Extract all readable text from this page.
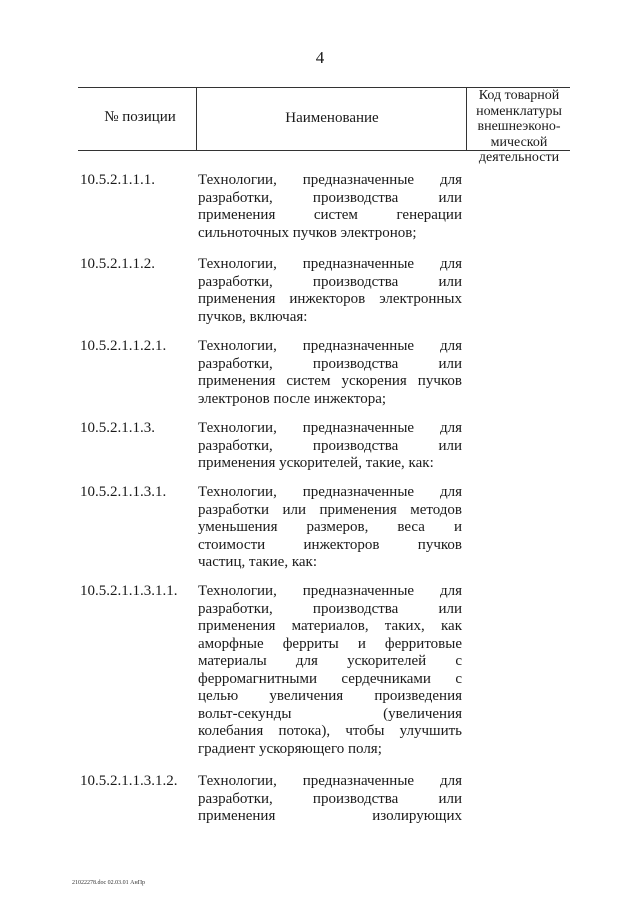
4
№ позиции	Наименование
Код товарной
номенклатуры
внешнеэконо-
мической
деятельности
10.5.2.1.1.1.	Технологии, предназначенные для
разработки, производства или
применения систем генерации
сильноточных пучков электронов;
10.5.2.1.1.2.	Технологии, предназначенные для
разработки, производства или
применения инжекторов электронных
пучков, включая:
10.5.2.1.1.2.1. Технологии, предназначенные для
разработки, производства или
применения систем ускорения пучков
электронов после инжектора;
10.5.2.1.1.3.	Технологии, предназначенные для
разработки, производства или
применения ускорителей, такие, как:
10.5.2.1.1.3.1. Технологии, предназначенные для
разработки или применения методов
уменьшения размеров, веса и
стоимости инжекторов пучков
частиц, такие, как:
10.5.2.1.1.3.1.1. Технологии, предназначенные для
разработки, производства или
применения материалов, таких, как
аморфные ферриты и ферритовые
материалы для ускорителей с
ферромагнитными сердечниками с
целью увеличения произведения
вольт-секунды (увеличения
колебания потока), чтобы улучшить
градиент ускоряющего поля;
10.5.2.1.1.3.1.2. Технологии, предназначенные для
разработки, производства или
применения изолирующих
21022278.doc 02.03.01 АнПр
